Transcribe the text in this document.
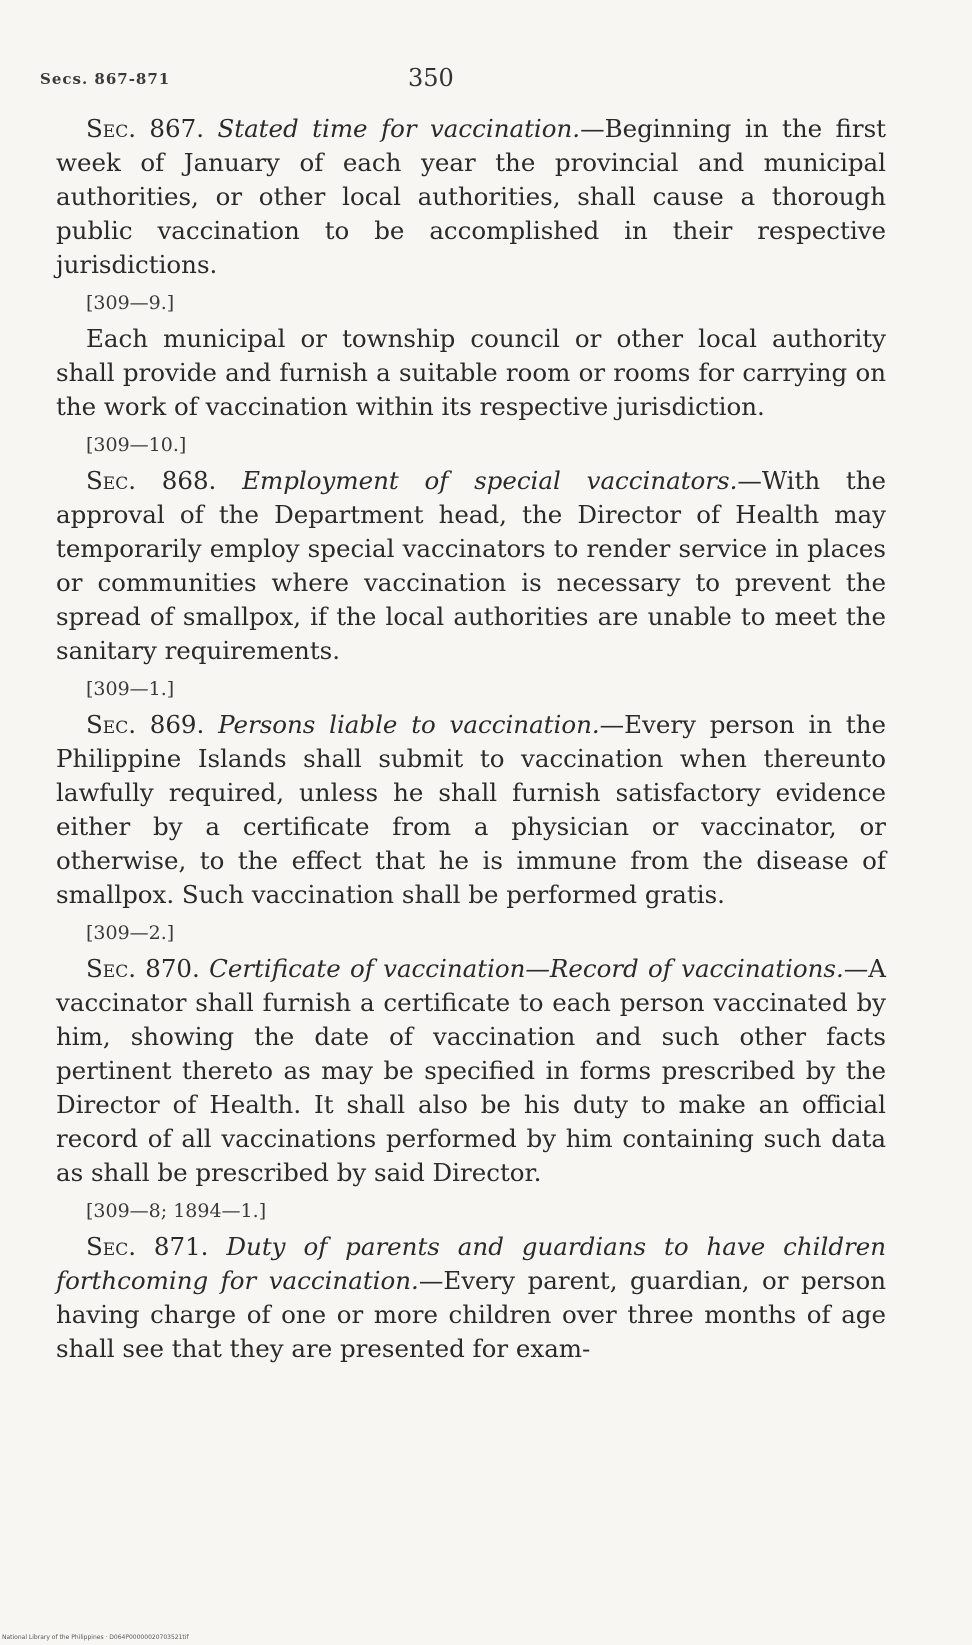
Secs. 867-871	350

Sec. 867. Stated time for vaccination.—Beginning in the first week of January of each year the provincial and municipal authorities, or other local authorities, shall cause a thorough public vaccination to be accomplished in their respective jurisdictions.

[309—9.]

Each municipal or township council or other local authority shall provide and furnish a suitable room or rooms for carrying on the work of vaccination within its respective jurisdiction.

[309—10.]

Sec. 868. Employment of special vaccinators.—With the approval of the Department head, the Director of Health may temporarily employ special vaccinators to render service in places or communities where vaccination is necessary to prevent the spread of smallpox, if the local authorities are unable to meet the sanitary requirements.

[309—1.]

Sec. 869. Persons liable to vaccination.—Every person in the Philippine Islands shall submit to vaccination when thereunto lawfully required, unless he shall furnish satisfactory evidence either by a certificate from a physician or vaccinator, or otherwise, to the effect that he is immune from the disease of smallpox. Such vaccination shall be performed gratis.

[309—2.]

Sec. 870. Certificate of vaccination—Record of vaccinations.—A vaccinator shall furnish a certificate to each person vaccinated by him, showing the date of vaccination and such other facts pertinent thereto as may be specified in forms prescribed by the Director of Health. It shall also be his duty to make an official record of all vaccinations performed by him containing such data as shall be prescribed by said Director.

[309—8; 1894—1.]

Sec. 871. Duty of parents and guardians to have children forthcoming for vaccination.—Every parent, guardian, or person having charge of one or more children over three months of age shall see that they are presented for exam-

National Library of the Philippines · D064P00000020703521tif
